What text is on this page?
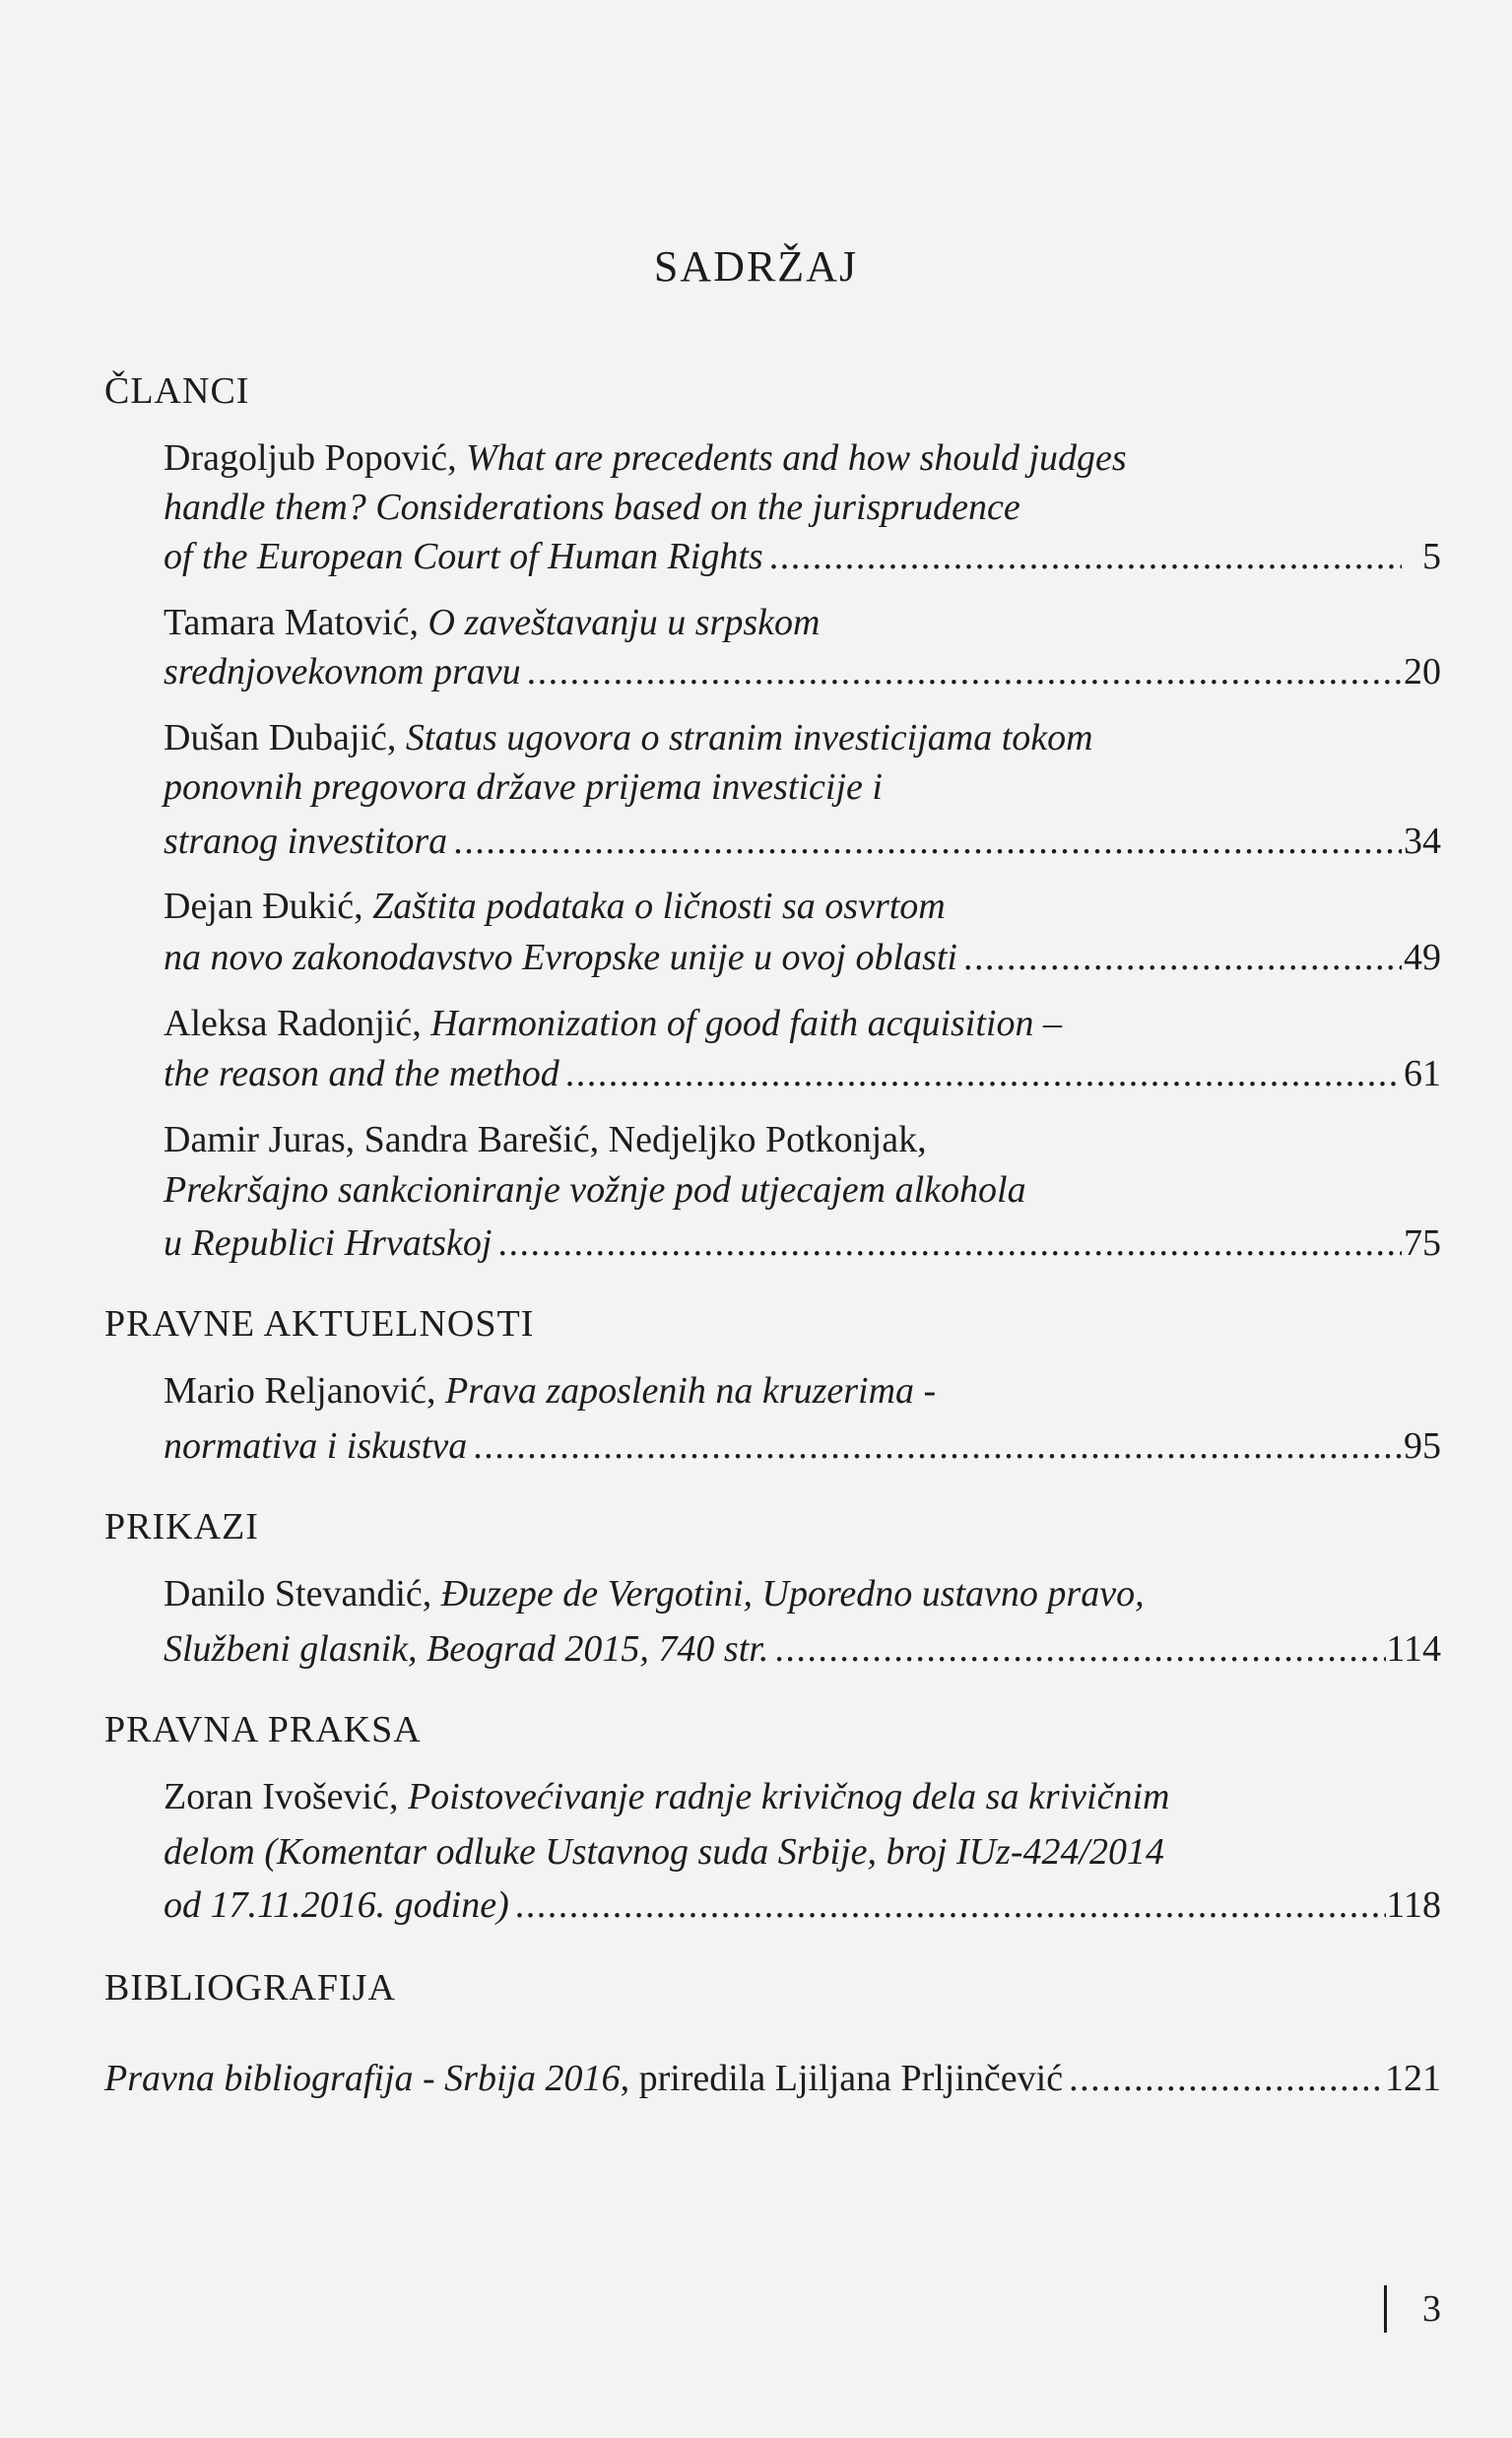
SADRŽAJ
ČLANCI
Dragoljub Popović, What are precedents and how should judges
handle them? Considerations based on the jurisprudence
of the European Court of Human Rights . . .	5
Tamara Matović, O zaveštavanju u srpskom
srednjovekovnom pravu . . .	20
Dušan Dubajić, Status ugovora o stranim investicijama tokom
ponovnih pregovora države prijema investicije i
stranog investitora . . .	34
Dejan Đukić, Zaštita podataka o ličnosti sa osvrtom
na novo zakonodavstvo Evropske unije u ovoj oblasti . . .	49
Aleksa Radonjić, Harmonization of good faith acquisition –
the reason and the method . . .	61
Damir Juras, Sandra Barešić, Nedjeljko Potkonjak,
Prekršajno sankcioniranje vožnje pod utjecajem alkohola
u Republici Hrvatskoj . . .	75
PRAVNE AKTUELNOSTI
Mario Reljanović, Prava zaposlenih na kruzerima -
normativa i iskustva . . .	95
PRIKAZI
Danilo Stevandić, Đuzepe de Vergotini, Uporedno ustavno pravo,
Službeni glasnik, Beograd 2015, 740 str. . . .	114
PRAVNA PRAKSA
Zoran Ivošević, Poistovećivanje radnje krivičnog dela sa krivičnim
delom (Komentar odluke Ustavnog suda Srbije, broj IUz-424/2014
od 17.11.2016. godine) . . .	118
BIBLIOGRAFIJA
Pravna bibliografija - Srbija 2016, priredila Ljiljana Prljinčević . . .	121
3
